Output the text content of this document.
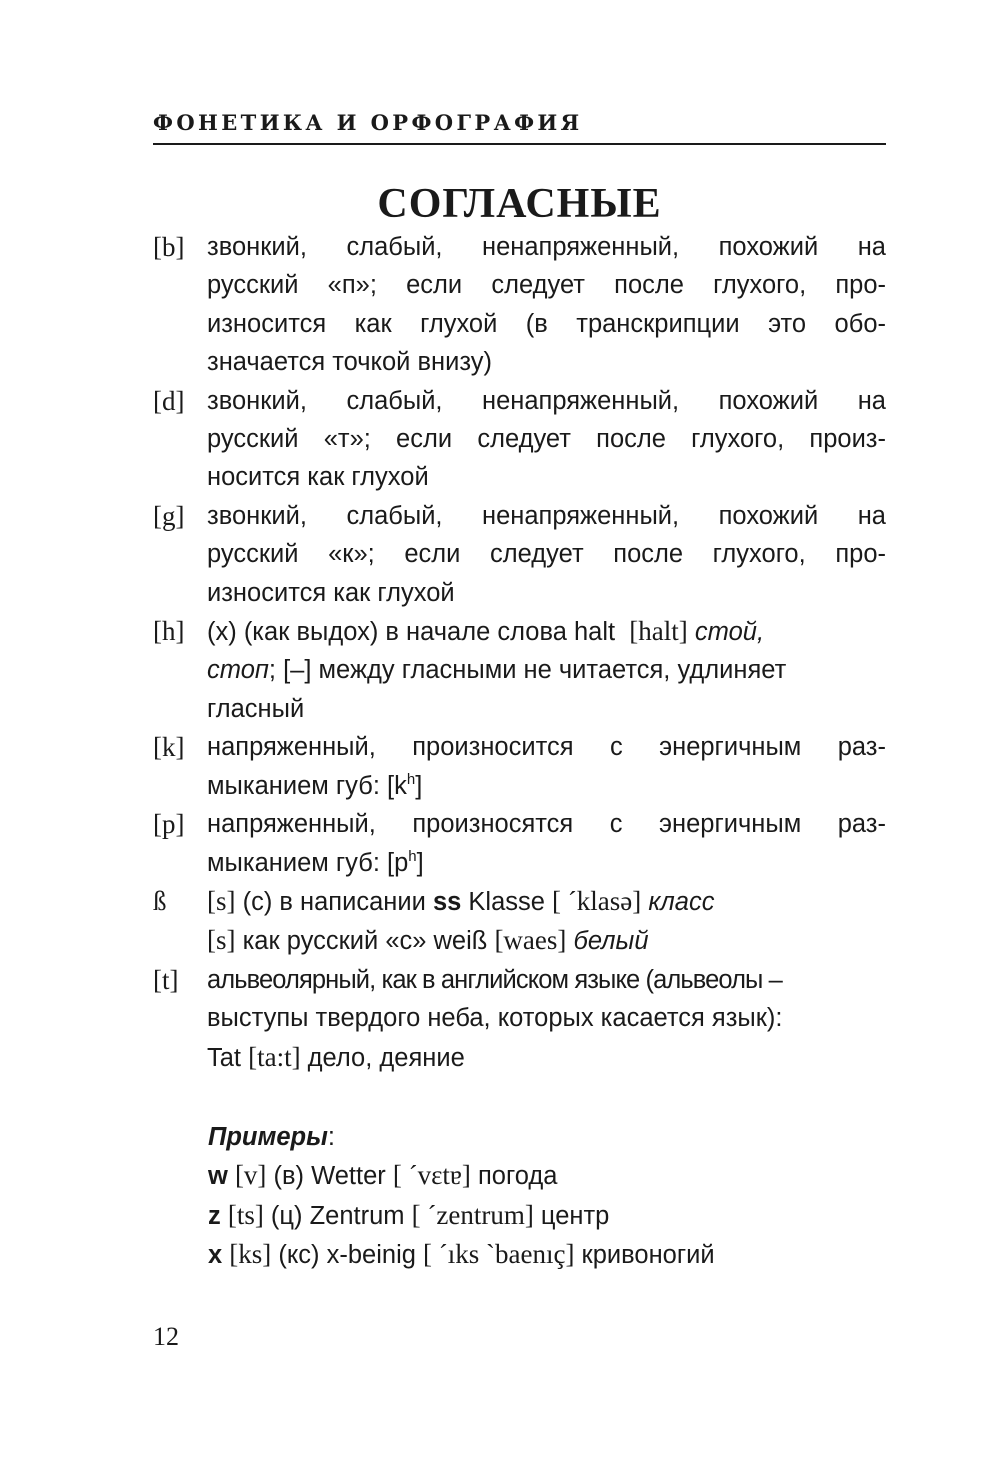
ФОНЕТИКА И ОРФОГРАФИЯ
СОГЛАСНЫЕ
[b] звонкий, слабый, ненапряженный, похожий на
русский «п»; если следует после глухого, про-
износится как глухой (в транскрипции это обо-
значается точкой внизу)
[d] звонкий, слабый, ненапряженный, похожий на
русский «т»; если следует после глухого, произ-
носится как глухой
[g] звонкий, слабый, ненапряженный, похожий на
русский «к»; если следует после глухого, про-
износится как глухой
[h] (х) (как выдох) в начале слова halt [halt] стой,
стоп; [–] между гласными не читается, удлиняет
гласный
[k] напряженный, произносится с энергичным раз-
мыканием губ: $[k^h]$
[p] напряженный, произносятся с энергичным раз-
мыканием губ: $[p^h]$
ß	[s] (с) в написании ss Klasse [ ˊklasə] класс
[s] как русский «с» weiß [waes] белый
[t]	альвеолярный, как в английском языке (альвеолы –
выступы твердого неба, которых касается язык):
Tat [ta:t] дело, деяние
Примеры:
w [v] (в) Wetter [ ˊvɛtɐ] погода
z [ts] (ц) Zentrum [ ˊzentrum] центр
x [ks] (кс) x-beinig [ ˊıks ˋbaenıç] кривоногий
12
